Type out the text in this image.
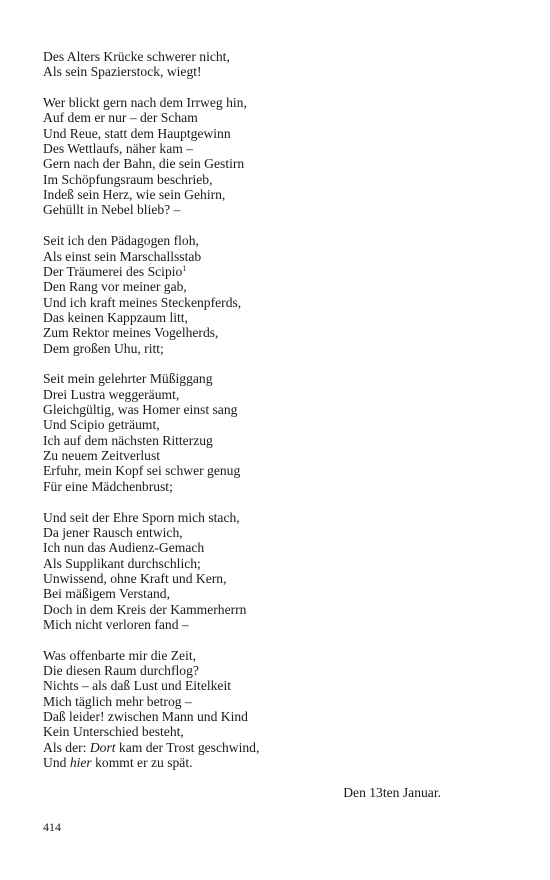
Des Alters Krücke schwerer nicht,
Als sein Spazierstock, wiegt!
Wer blickt gern nach dem Irrweg hin,
Auf dem er nur – der Scham
Und Reue, statt dem Hauptgewinn
Des Wettlaufs, näher kam –
Gern nach der Bahn, die sein Gestirn
Im Schöpfungsraum beschrieb,
Indeß sein Herz, wie sein Gehirn,
Gehüllt in Nebel blieb? –
Seit ich den Pädagogen floh,
Als einst sein Marschallsstab
Der Träumerei des Scipio$^1$
Den Rang vor meiner gab,
Und ich kraft meines Steckenpferds,
Das keinen Kappzaum litt,
Zum Rektor meines Vogelherds,
Dem großen Uhu, ritt;
Seit mein gelehrter Müßiggang
Drei Lustra weggeräumt,
Gleichgültig, was Homer einst sang
Und Scipio geträumt,
Ich auf dem nächsten Ritterzug
Zu neuem Zeitverlust
Erfuhr, mein Kopf sei schwer genug
Für eine Mädchenbrust;
Und seit der Ehre Sporn mich stach,
Da jener Rausch entwich,
Ich nun das Audienz-Gemach
Als Supplikant durchschlich;
Unwissend, ohne Kraft und Kern,
Bei mäßigem Verstand,
Doch in dem Kreis der Kammerherrn
Mich nicht verloren fand –
Was offenbarte mir die Zeit,
Die diesen Raum durchflog?
Nichts – als daß Lust und Eitelkeit
Mich täglich mehr betrog –
Daß leider! zwischen Mann und Kind
Kein Unterschied besteht,
Als der: Dort kam der Trost geschwind,
Und hier kommt er zu spät.
Den 13ten Januar.
414
